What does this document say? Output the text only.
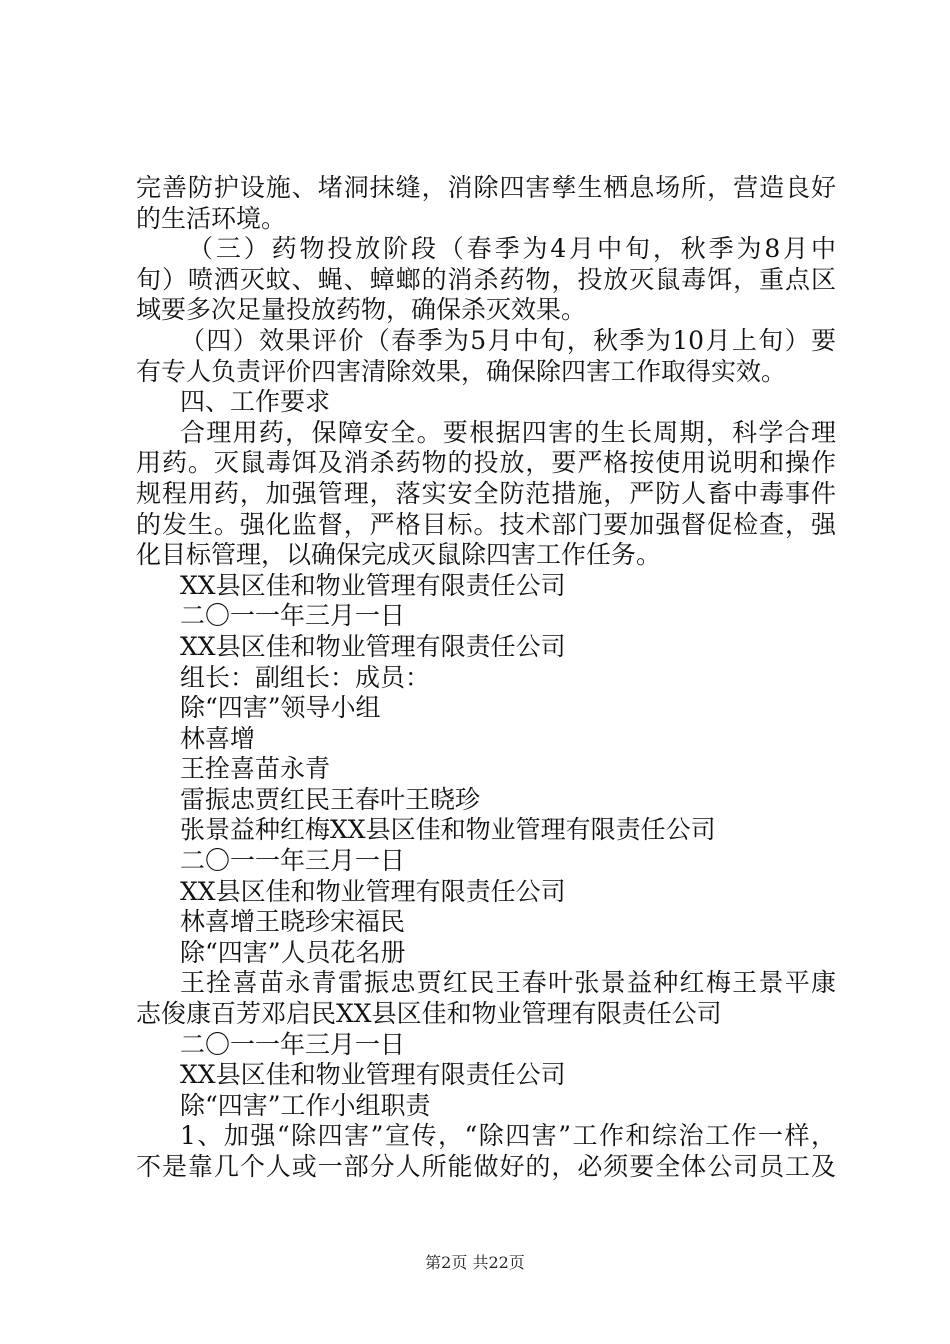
完善防护设施、堵洞抹缝，消除四害孳生栖息场所，营造良好
的生活环境。
（三）药物投放阶段（春季为4月中旬，秋季为8月中
旬）喷洒灭蚊、蝇、蟑螂的消杀药物，投放灭鼠毒饵，重点区
域要多次足量投放药物，确保杀灭效果。
（四）效果评价（春季为5月中旬，秋季为10月上旬）要
有专人负责评价四害清除效果，确保除四害工作取得实效。
四、工作要求
合理用药，保障安全。要根据四害的生长周期，科学合理
用药。灭鼠毒饵及消杀药物的投放，要严格按使用说明和操作
规程用药，加强管理，落实安全防范措施，严防人畜中毒事件
的发生。强化监督，严格目标。技术部门要加强督促检查，强
化目标管理，以确保完成灭鼠除四害工作任务。
XX县区佳和物业管理有限责任公司
二〇一一年三月一日
XX县区佳和物业管理有限责任公司
组长：副组长：成员：
除“四害”领导小组
林喜增
王拴喜苗永青
雷振忠贾红民王春叶王晓珍
张景益种红梅XX县区佳和物业管理有限责任公司
二〇一一年三月一日
XX县区佳和物业管理有限责任公司
林喜增王晓珍宋福民
除“四害”人员花名册
王拴喜苗永青雷振忠贾红民王春叶张景益种红梅王景平康
志俊康百芳邓启民XX县区佳和物业管理有限责任公司
二〇一一年三月一日
XX县区佳和物业管理有限责任公司
除“四害”工作小组职责
1、加强“除四害”宣传，“除四害”工作和综治工作一样，
不是靠几个人或一部分人所能做好的，必须要全体公司员工及
第2页 共22页
